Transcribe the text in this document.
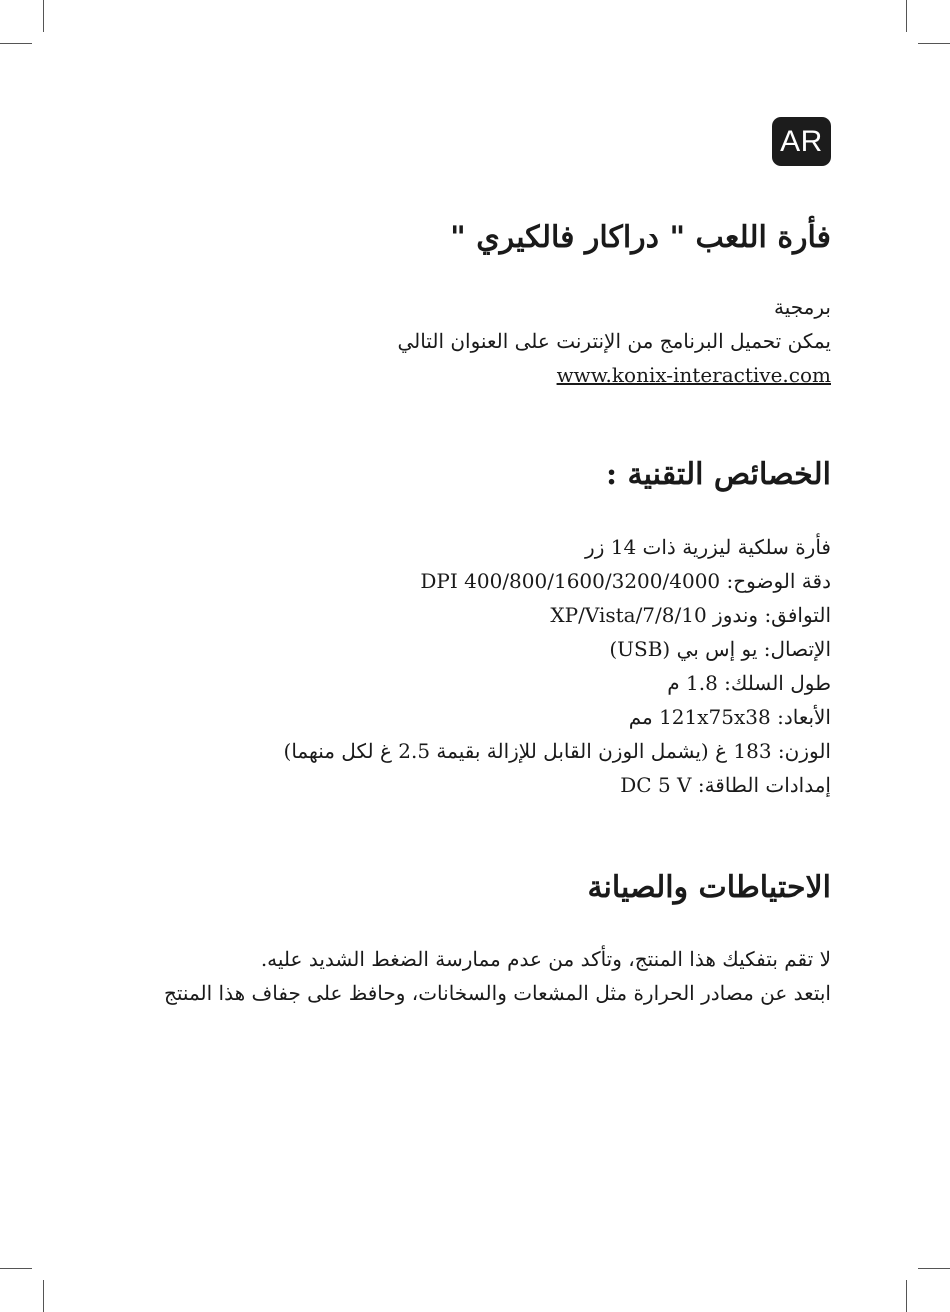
AR
فأرة اللعب " دراكار فالكيري "
برمجية
يمكن تحميل البرنامج من الإنترنت على العنوان التالي
www.konix-interactive.com
الخصائص التقنية :
فأرة سلكية ليزرية ذات 14 زر
دقة الوضوح: DPI 400/800/1600/3200/4000
التوافق: وندوز XP/Vista/7/8/10
الإتصال: يو إس بي (USB)
طول السلك: 1.8 م
الأبعاد: 121x75x38 مم
الوزن: 183 غ (يشمل الوزن القابل للإزالة بقيمة 2.5 غ لكل منهما)
إمدادات الطاقة: DC 5 V
الاحتياطات والصيانة
لا تقم بتفكيك هذا المنتج، وتأكد من عدم ممارسة الضغط الشديد عليه.
ابتعد عن مصادر الحرارة مثل المشعات والسخانات، وحافظ على جفاف هذا المنتج
